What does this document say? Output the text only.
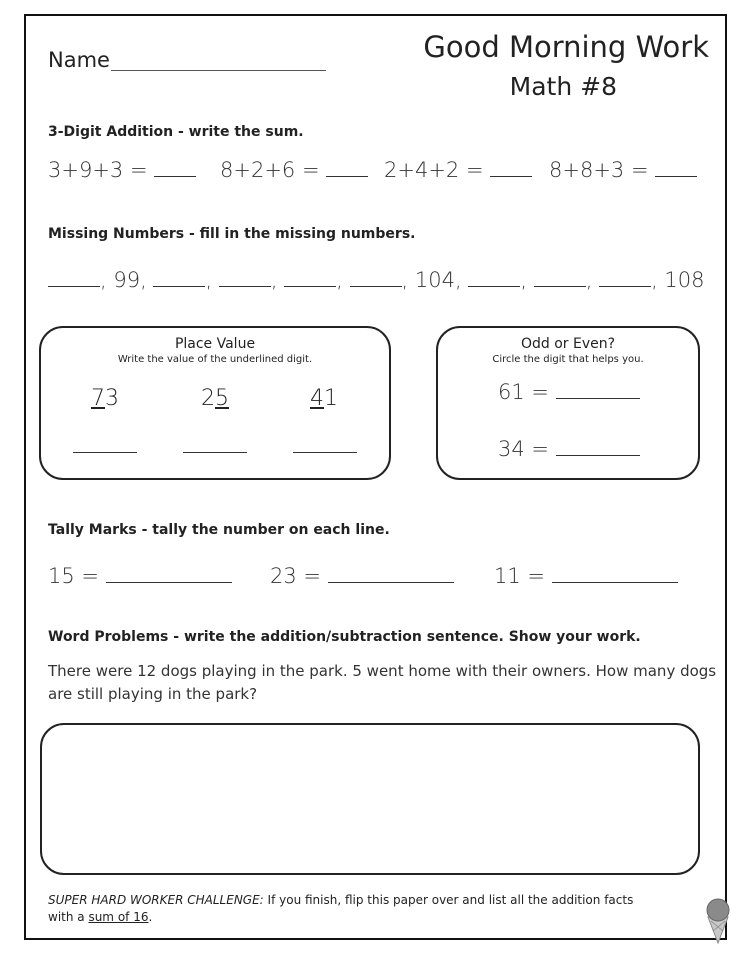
Name	Good Morning Work
Math #8
3-Digit Addition - write the sum.
3+9+3 =	8+2+6 =	2+4+2 =	8+8+3 =
Missing Numbers - fill in the missing numbers.
, 99, , , , , 104, , , , 108
Place Value
Write the value of the underlined digit.
73	25	41
Odd or Even?
Circle the digit that helps you.
61 =
34 =
Tally Marks - tally the number on each line.
15 =	23 =	11 =
Word Problems - write the addition/subtraction sentence. Show your work.
There were 12 dogs playing in the park. 5 went home with their owners. How many dogs
are still playing in the park?
SUPER HARD WORKER CHALLENGE: If you finish, flip this paper over and list all the addition facts
with a sum of 16.
